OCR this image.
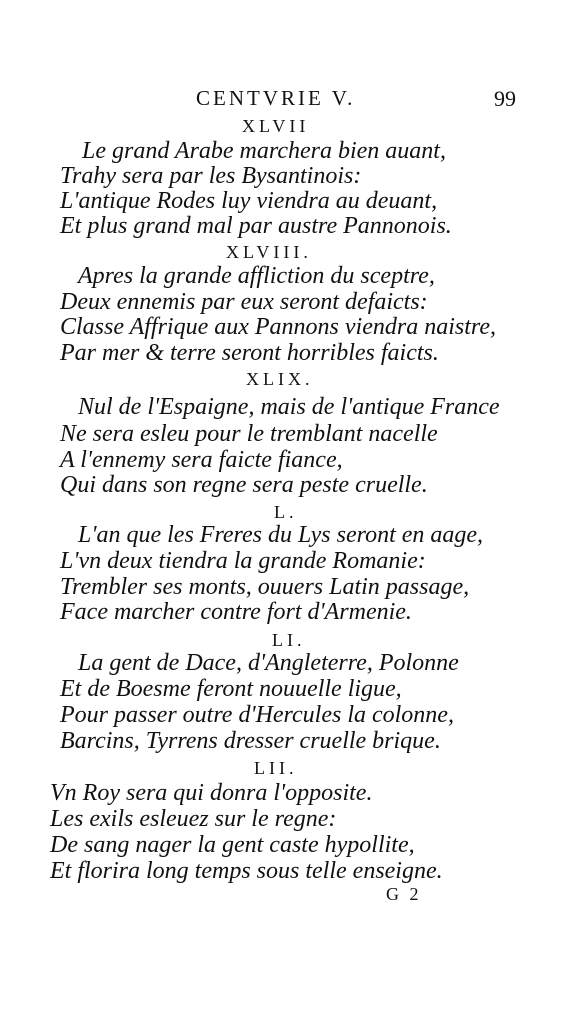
CENTVRIE V.	99
XLVII
Le grand Arabe marchera bien auant,
Trahy sera par les Bysantinois:
L'antique Rodes luy viendra au deuant,
Et plus grand mal par austre Pannonois.
XLVIII.
Apres la grande affliction du sceptre,
Deux ennemis par eux seront defaicts:
Classe Affrique aux Pannons viendra naistre,
Par mer & terre seront horribles faicts.
XLIX.
Nul de l'Espaigne, mais de l'antique France
Ne sera esleu pour le tremblant nacelle
A l'ennemy sera faicte fiance,
Qui dans son regne sera peste cruelle.
L.
L'an que les Freres du Lys seront en aage,
L'vn deux tiendra la grande Romanie:
Trembler ses monts, ouuers Latin passage,
Face marcher contre fort d'Armenie.
LI.
La gent de Dace, d'Angleterre, Polonne
Et de Boesme feront nouuelle ligue,
Pour passer outre d'Hercules la colonne,
Barcins, Tyrrens dresser cruelle brique.
LII.
Vn Roy sera qui donra l'opposite.
Les exils esleuez sur le regne:
De sang nager la gent caste hypollite,
Et florira long temps sous telle enseigne.
G 2
